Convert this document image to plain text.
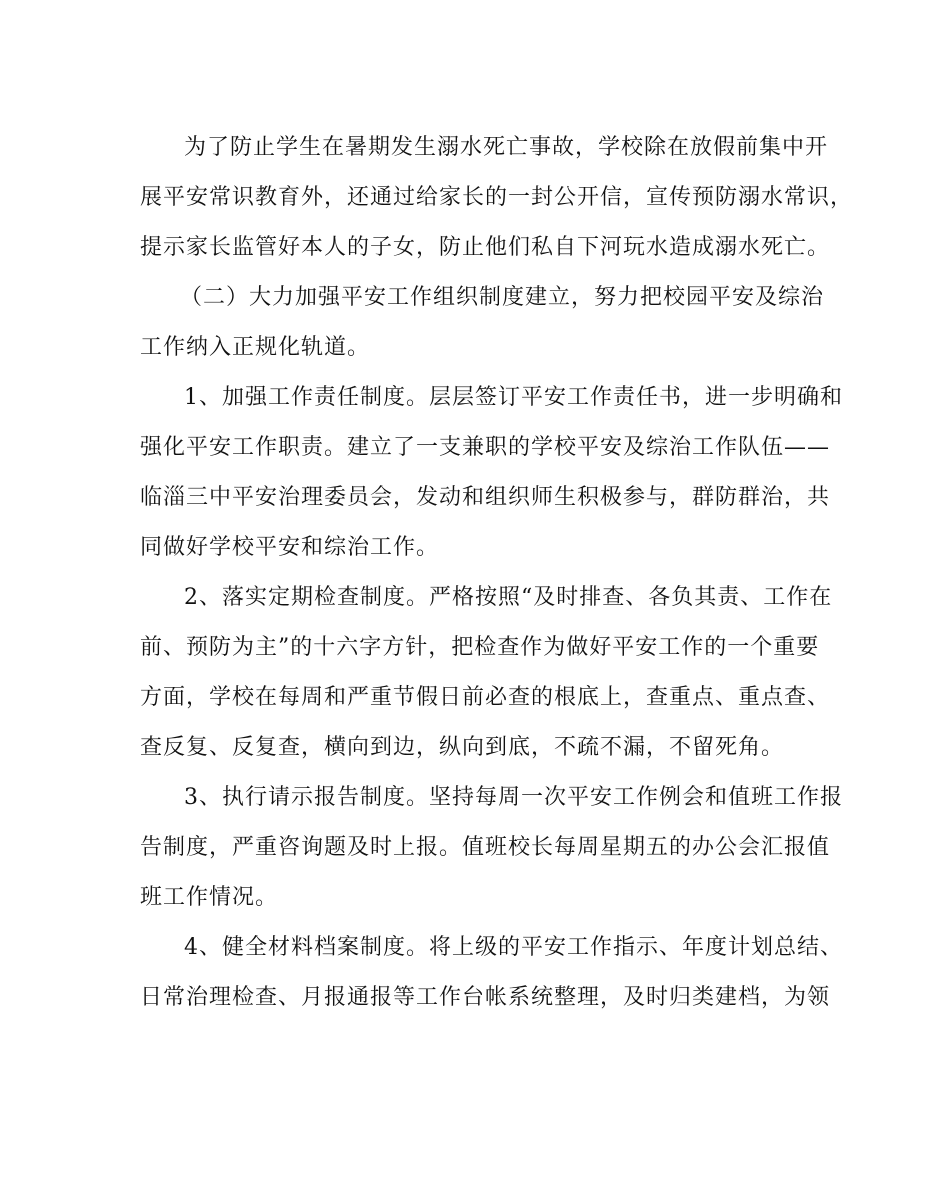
为了防止学生在暑期发生溺水死亡事故，学校除在放假前集中开
展平安常识教育外，还通过给家长的一封公开信，宣传预防溺水常识，
提示家长监管好本人的子女，防止他们私自下河玩水造成溺水死亡。
（二）大力加强平安工作组织制度建立，努力把校园平安及综治
工作纳入正规化轨道。
1、加强工作责任制度。层层签订平安工作责任书，进一步明确和
强化平安工作职责。建立了一支兼职的学校平安及综治工作队伍——
临淄三中平安治理委员会，发动和组织师生积极参与，群防群治，共
同做好学校平安和综治工作。
2、落实定期检查制度。严格按照“及时排查、各负其责、工作在
前、预防为主”的十六字方针，把检查作为做好平安工作的一个重要
方面，学校在每周和严重节假日前必查的根底上，查重点、重点查、
查反复、反复查，横向到边，纵向到底，不疏不漏，不留死角。
3、执行请示报告制度。坚持每周一次平安工作例会和值班工作报
告制度，严重咨询题及时上报。值班校长每周星期五的办公会汇报值
班工作情况。
4、健全材料档案制度。将上级的平安工作指示、年度计划总结、
日常治理检查、月报通报等工作台帐系统整理，及时归类建档，为领
